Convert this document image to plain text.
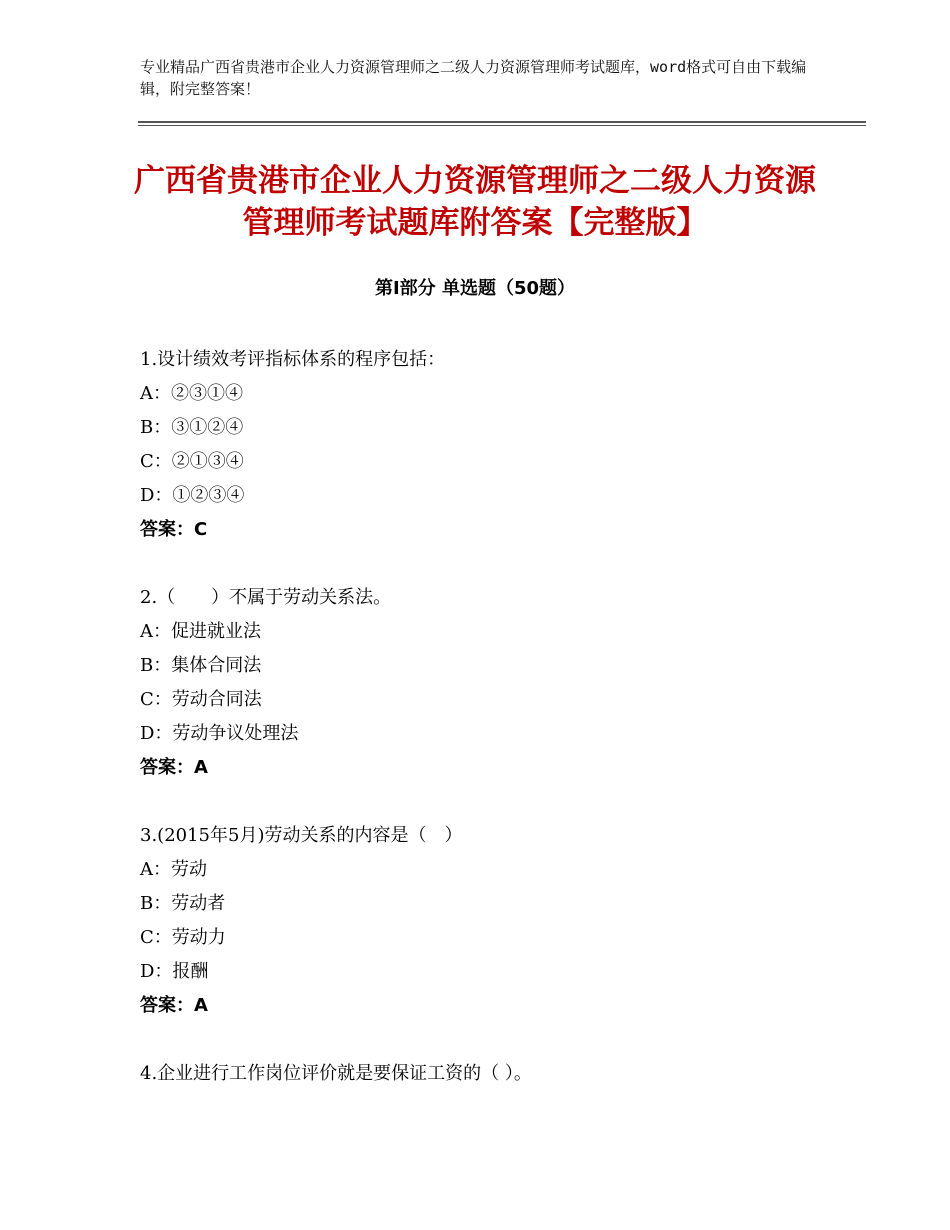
专业精品广西省贵港市企业人力资源管理师之二级人力资源管理师考试题库，word格式可自由下载编辑，附完整答案！
广西省贵港市企业人力资源管理师之二级人力资源管理师考试题库附答案【完整版】
第Ⅰ部分 单选题（50题）
1.设计绩效考评指标体系的程序包括：
A：②③①④
B：③①②④
C：②①③④
D：①②③④
答案：C
2.（　　）不属于劳动关系法。
A：促进就业法
B：集体合同法
C：劳动合同法
D：劳动争议处理法
答案：A
3.(2015年5月)劳动关系的内容是（　）
A：劳动
B：劳动者
C：劳动力
D：报酬
答案：A
4.企业进行工作岗位评价就是要保证工资的（ ）。
